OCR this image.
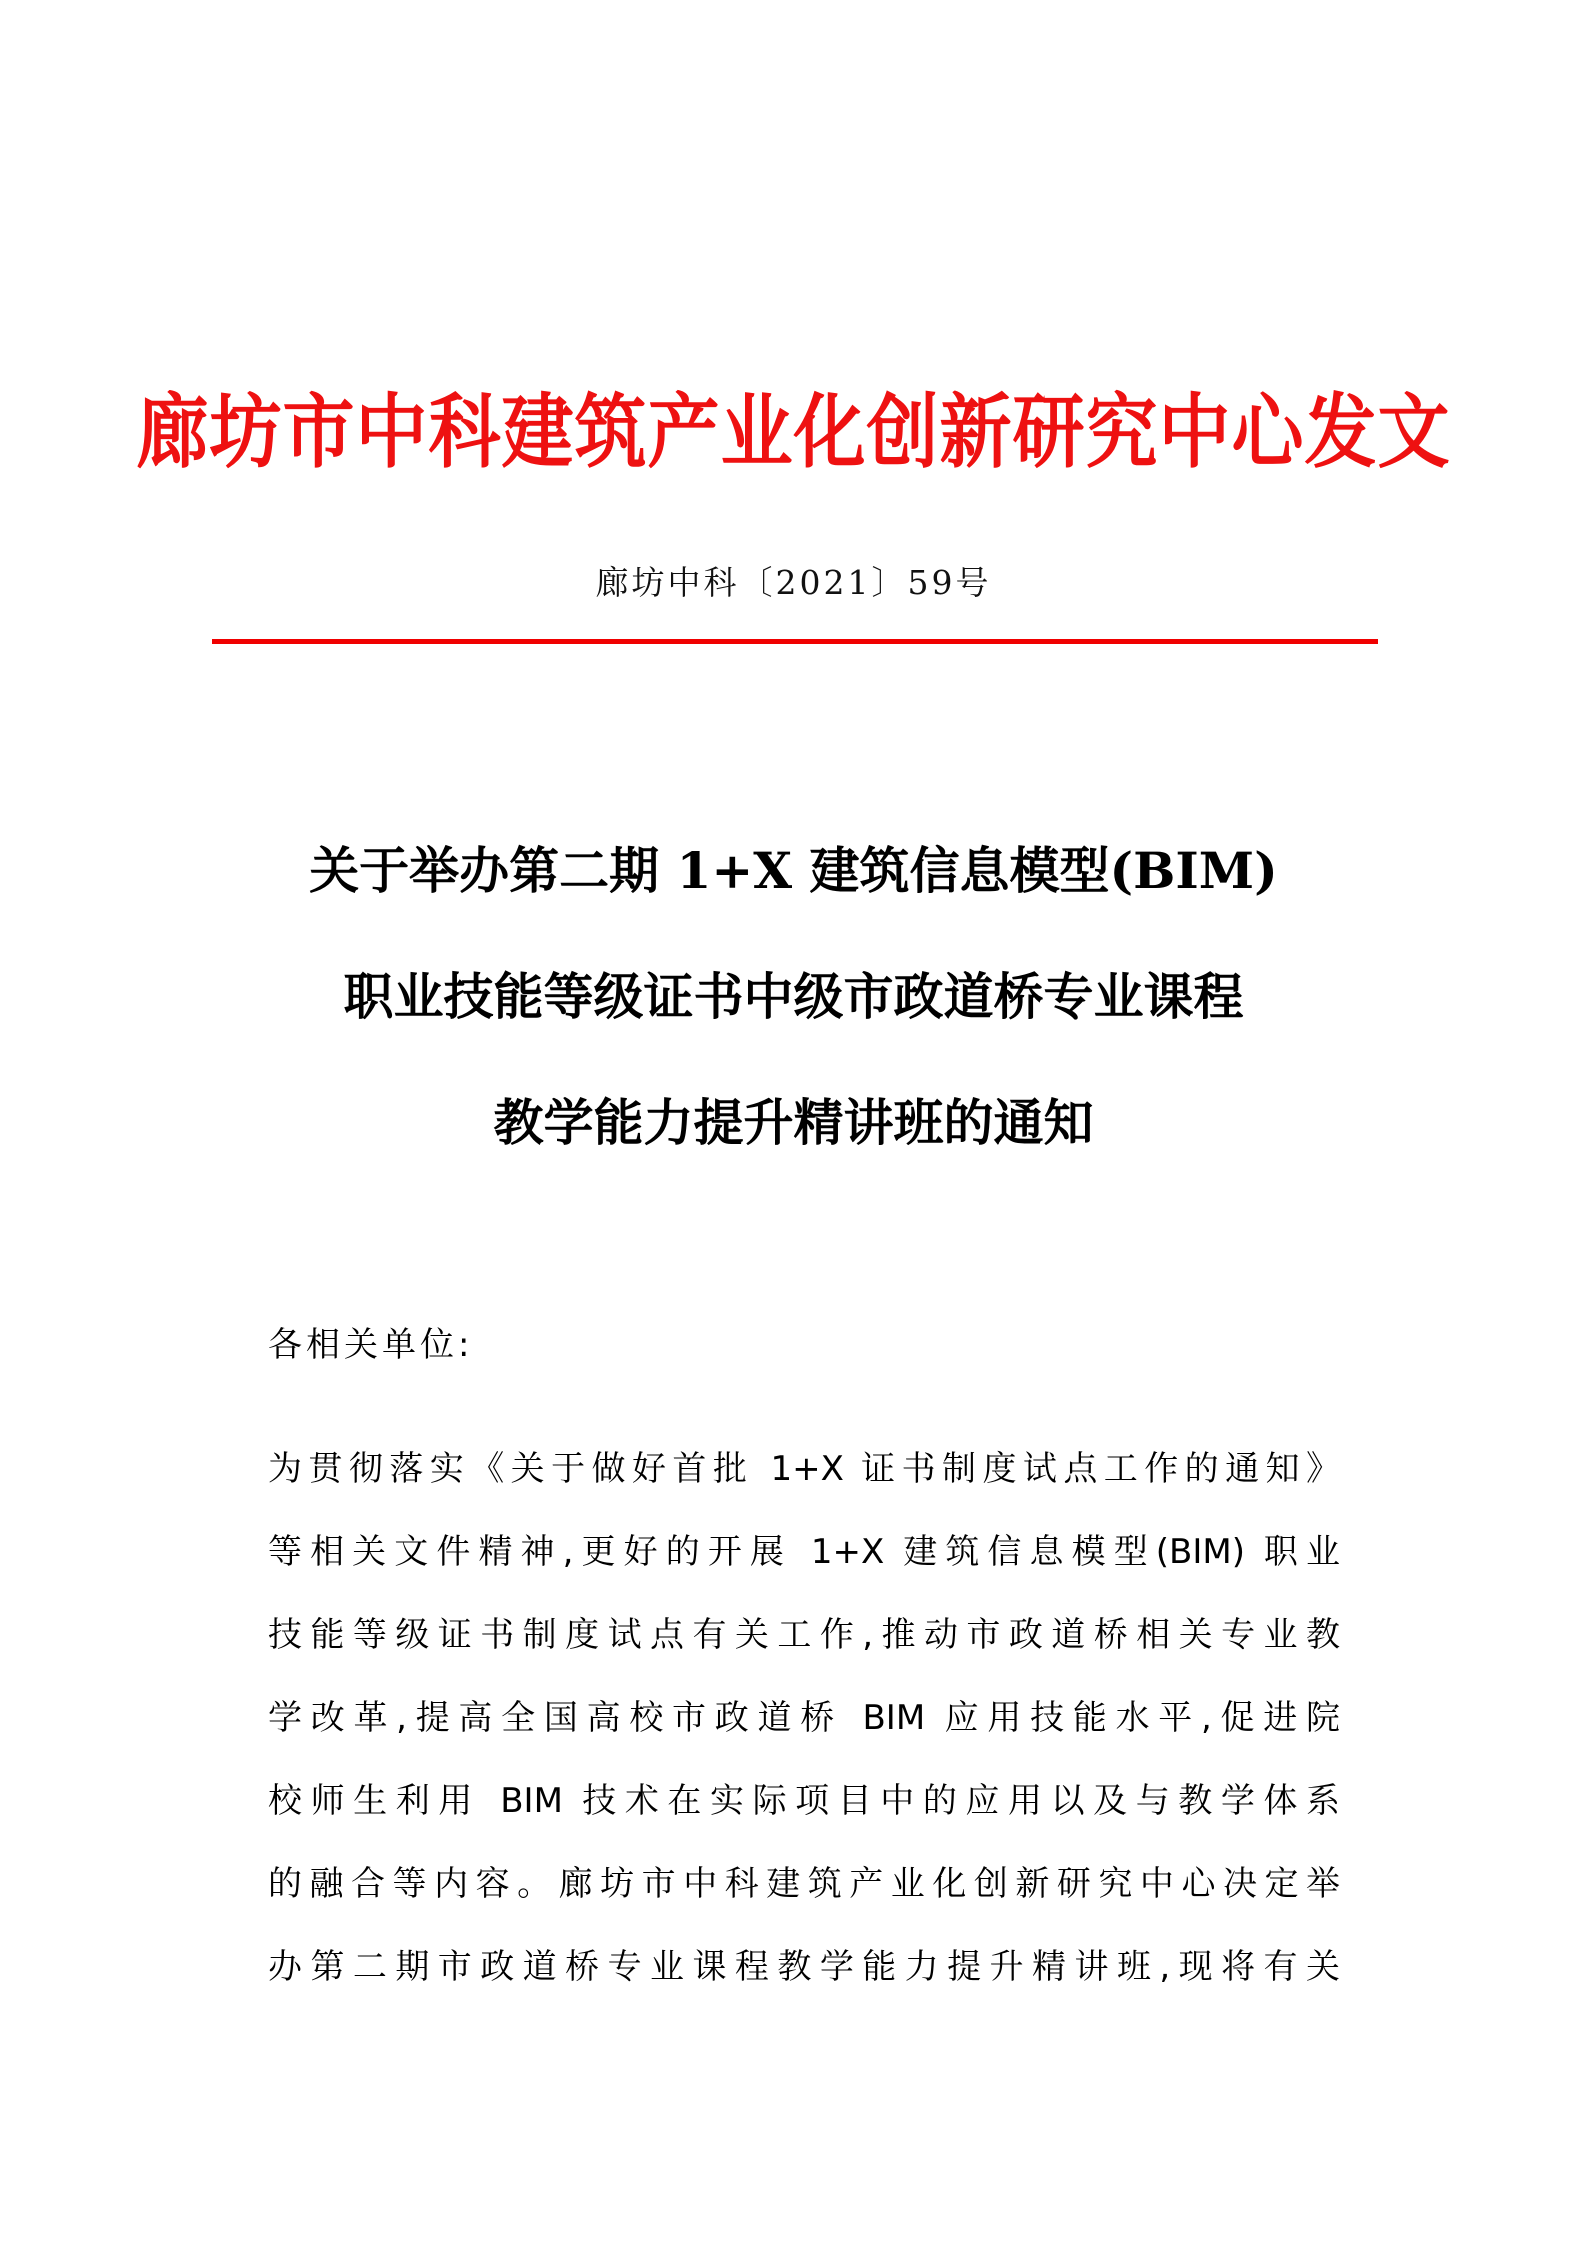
廊坊市中科建筑产业化创新研究中心发文
廊坊中科〔2021〕59号
关于举办第二期 1+X 建筑信息模型(BIM)
职业技能等级证书中级市政道桥专业课程
教学能力提升精讲班的通知
各相关单位:
为贯彻落实《关于做好首批 1+X 证书制度试点工作的通知》
等相关文件精神,更好的开展 1+X 建筑信息模型(BIM) 职业
技能等级证书制度试点有关工作,推动市政道桥相关专业教
学改革,提高全国高校市政道桥 BIM 应用技能水平,促进院
校师生利用 BIM 技术在实际项目中的应用以及与教学体系
的融合等内容。廊坊市中科建筑产业化创新研究中心决定举
办第二期市政道桥专业课程教学能力提升精讲班,现将有关
